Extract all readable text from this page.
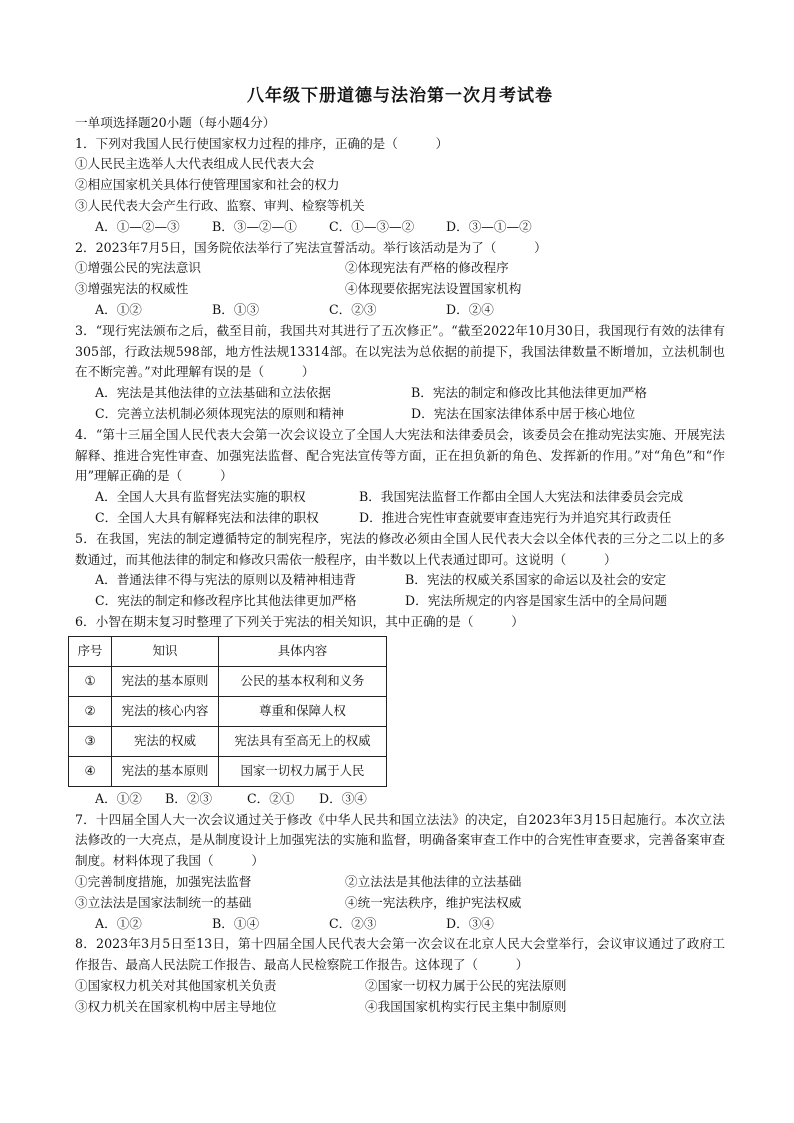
八年级下册道德与法治第一次月考试卷
一单项选择题20小题（每小题4分）
1．下列对我国人民行使国家权力过程的排序，正确的是（　　　）
①人民民主选举人大代表组成人民代表大会
②相应国家机关具体行使管理国家和社会的权力
③人民代表大会产生行政、监察、审判、检察等机关
A．①—②—③	B．③—②—①	C．①—③—②	D．③—①—②
2．2023年7月5日，国务院依法举行了宪法宣誓活动。举行该活动是为了（　　　）
①增强公民的宪法意识	②体现宪法有严格的修改程序
③增强宪法的权威性	④体现要依据宪法设置国家机构
A．①②	B．①③	C．②③	D．②④
3．“现行宪法颁布之后，截至目前，我国共对其进行了五次修正”。“截至2022年10月30日，我国现行有效的法律有305部，行政法规598部，地方性法规13314部。在以宪法为总依据的前提下，我国法律数量不断增加，立法机制也在不断完善。”对此理解有误的是（　　　）
A．宪法是其他法律的立法基础和立法依据	B．宪法的制定和修改比其他法律更加严格
C．完善立法机制必须体现宪法的原则和精神	D．宪法在国家法律体系中居于核心地位
4．“第十三届全国人民代表大会第一次会议设立了全国人大宪法和法律委员会，该委员会在推动宪法实施、开展宪法解释、推进合宪性审查、加强宪法监督、配合宪法宣传等方面，正在担负新的角色、发挥新的作用。”对“角色”和“作用”理解正确的是（　　　）
A．全国人大具有监督宪法实施的职权	B．我国宪法监督工作都由全国人大宪法和法律委员会完成
C．全国人大具有解释宪法和法律的职权	D．推进合宪性审查就要审查违宪行为并追究其行政责任
5．在我国，宪法的制定遵循特定的制宪程序，宪法的修改必须由全国人民代表大会以全体代表的三分之二以上的多数通过，而其他法律的制定和修改只需依一般程序，由半数以上代表通过即可。这说明（　　　）
A．普通法律不得与宪法的原则以及精神相违背	B．宪法的权威关系国家的命运以及社会的安定
C．宪法的制定和修改程序比其他法律更加严格	D．宪法所规定的内容是国家生活中的全局问题
6．小智在期末复习时整理了下列关于宪法的相关知识，其中正确的是（　　　）
序号	知识	具体内容
①	宪法的基本原则	公民的基本权利和义务
②	宪法的核心内容	尊重和保障人权
③	宪法的权威	宪法具有至高无上的权威
④	宪法的基本原则	国家一切权力属于人民
A．①② B．②③	C．②① D．③④
7．十四届全国人大一次会议通过关于修改《中华人民共和国立法法》的决定，自2023年3月15日起施行。本次立法法修改的一大亮点，是从制度设计上加强宪法的实施和监督，明确备案审查工作中的合宪性审查要求，完善备案审查制度。材料体现了我国（　　　）
①完善制度措施，加强宪法监督	②立法法是其他法律的立法基础
③立法法是国家法制统一的基础	④统一宪法秩序，维护宪法权威
A．①②	B．①④	C．②③	D．③④
8．2023年3月5日至13日，第十四届全国人民代表大会第一次会议在北京人民大会堂举行，会议审议通过了政府工作报告、最高人民法院工作报告、最高人民检察院工作报告。这体现了（　　　）
①国家权力机关对其他国家机关负责	②国家一切权力属于公民的宪法原则
③权力机关在国家机构中居主导地位	④我国国家机构实行民主集中制原则
